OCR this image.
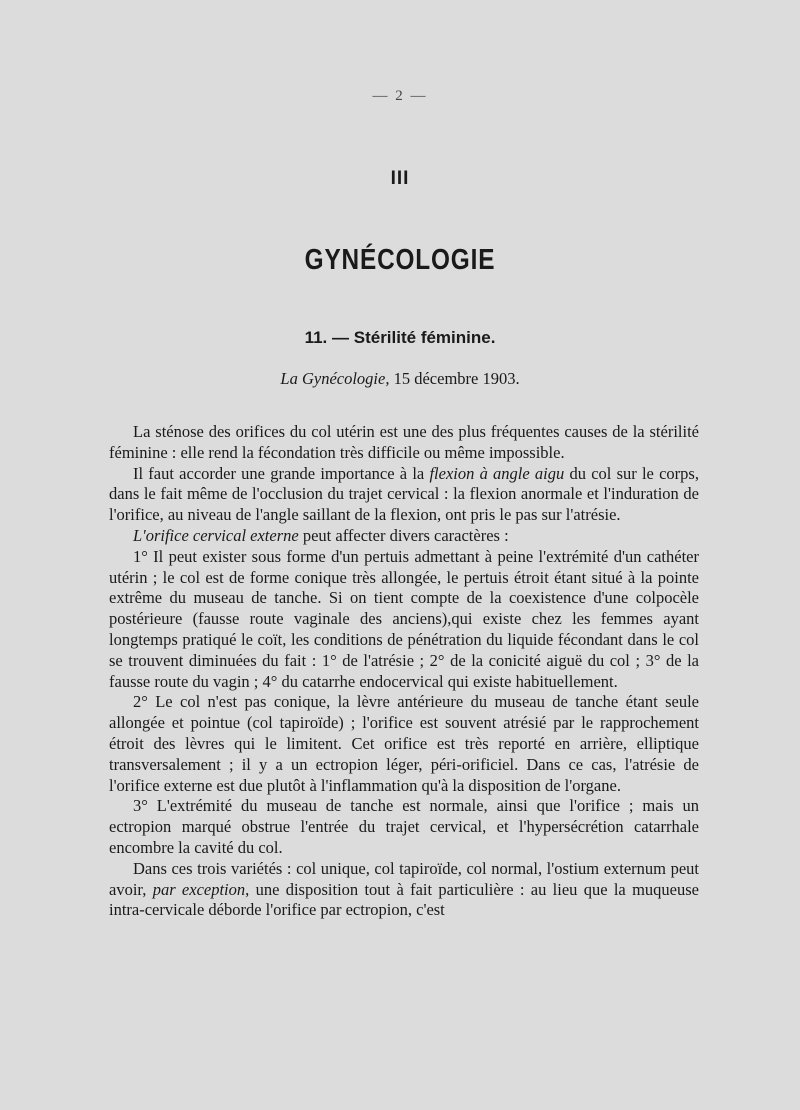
— 2 —
III
GYNÉCOLOGIE
11. — Stérilité féminine.
La Gynécologie, 15 décembre 1903.

La sténose des orifices du col utérin est une des plus fréquentes causes de la stérilité féminine : elle rend la fécondation très difficile ou même impossible.

Il faut accorder une grande importance à la flexion à angle aigu du col sur le corps, dans le fait même de l'occlusion du trajet cervical : la flexion anormale et l'induration de l'orifice, au niveau de l'angle saillant de la flexion, ont pris le pas sur l'atrésie.

L'orifice cervical externe peut affecter divers caractères :

1° Il peut exister sous forme d'un pertuis admettant à peine l'extrémité d'un cathéter utérin ; le col est de forme conique très allongée, le pertuis étroit étant situé à la pointe extrême du museau de tanche. Si on tient compte de la coexistence d'une colpocèle postérieure (fausse route vaginale des anciens),qui existe chez les femmes ayant longtemps pratiqué le coït, les conditions de pénétration du liquide fécondant dans le col se trouvent diminuées du fait : 1° de l'atrésie ; 2° de la conicité aiguë du col ; 3° de la fausse route du vagin ; 4° du catarrhe endocervical qui existe habituellement.

2° Le col n'est pas conique, la lèvre antérieure du museau de tanche étant seule allongée et pointue (col tapiroïde) ; l'orifice est souvent atrésié par le rapprochement étroit des lèvres qui le limitent. Cet orifice est très reporté en arrière, elliptique transversalement ; il y a un ectropion léger, péri-orificiel. Dans ce cas, l'atrésie de l'orifice externe est due plutôt à l'inflammation qu'à la disposition de l'organe.

3° L'extrémité du museau de tanche est normale, ainsi que l'orifice ; mais un ectropion marqué obstrue l'entrée du trajet cervical, et l'hypersécrétion catarrhale encombre la cavité du col.

Dans ces trois variétés : col unique, col tapiroïde, col normal, l'ostium externum peut avoir, par exception, une disposition tout à fait particulière : au lieu que la muqueuse intra-cervicale déborde l'orifice par ectropion, c'est
